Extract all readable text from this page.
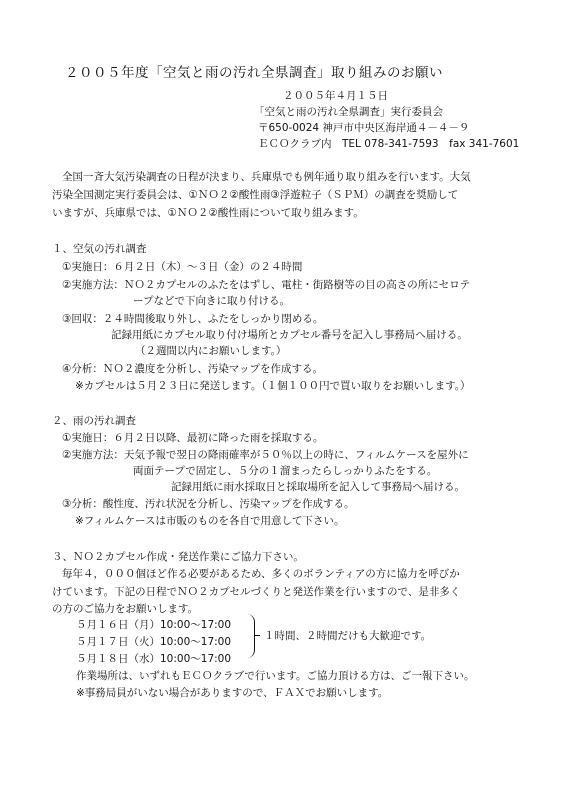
２００５年度「空気と雨の汚れ全県調査」取り組みのお願い
２００５年４月１５日
「空気と雨の汚れ全県調査」実行委員会
〒650-0024 神戸市中央区海岸通４－４－９
ＥＣＯクラブ内　TEL 078-341-7593　fax 341-7601
全国一斉大気汚染調査の日程が決まり、兵庫県でも例年通り取り組みを行います。大気
汚染全国測定実行委員会は、①ＮＯ２②酸性雨③浮遊粒子（ＳＰＭ）の調査を奨励して
いますが、兵庫県では、①ＮＯ２②酸性雨について取り組みます。
１、空気の汚れ調査
①実施日：６月２日（木）～３日（金）の２４時間
②実施方法：ＮＯ２カプセルのふたをはずし、電柱・街路樹等の目の高さの所にセロテ
ープなどで下向きに取り付ける。
③回収：２４時間後取り外し、ふたをしっかり閉める。
記録用紙にカプセル取り付け場所とカプセル番号を記入し事務局へ届ける。
（２週間以内にお願いします。）
④分析：ＮＯ２濃度を分析し、汚染マップを作成する。
※カプセルは５月２３日に発送します。（１個１００円で買い取りをお願いします。）
２、雨の汚れ調査
①実施日：６月２日以降、最初に降った雨を採取する。
②実施方法：天気予報で翌日の降雨確率が５０％以上の時に、フィルムケースを屋外に
両面テープで固定し、５分の１溜まったらしっかりふたをする。
記録用紙に雨水採取日と採取場所を記入して事務局へ届ける。
③分析：酸性度、汚れ状況を分析し、汚染マップを作成する。
※フィルムケースは市販のものを各自で用意して下さい。
３、ＮＯ２カプセル作成・発送作業にご協力下さい。
毎年４，０００個ほど作る必要があるため、多くのボランティアの方に協力を呼びか
けています。下記の日程でＮＯ２カプセルづくりと発送作業を行いますので、是非多く
の方のご協力をお願いします。
５月１６日（月）10:00～17:00
５月１７日（火）10:00～17:00
５月１８日（水）10:00～17:00
１時間、２時間だけも大歓迎です。
作業場所は、いずれもＥＣＯクラブで行います。ご協力頂ける方は、ご一報下さい。
※事務局員がいない場合がありますので、ＦＡＸでお願いします。
